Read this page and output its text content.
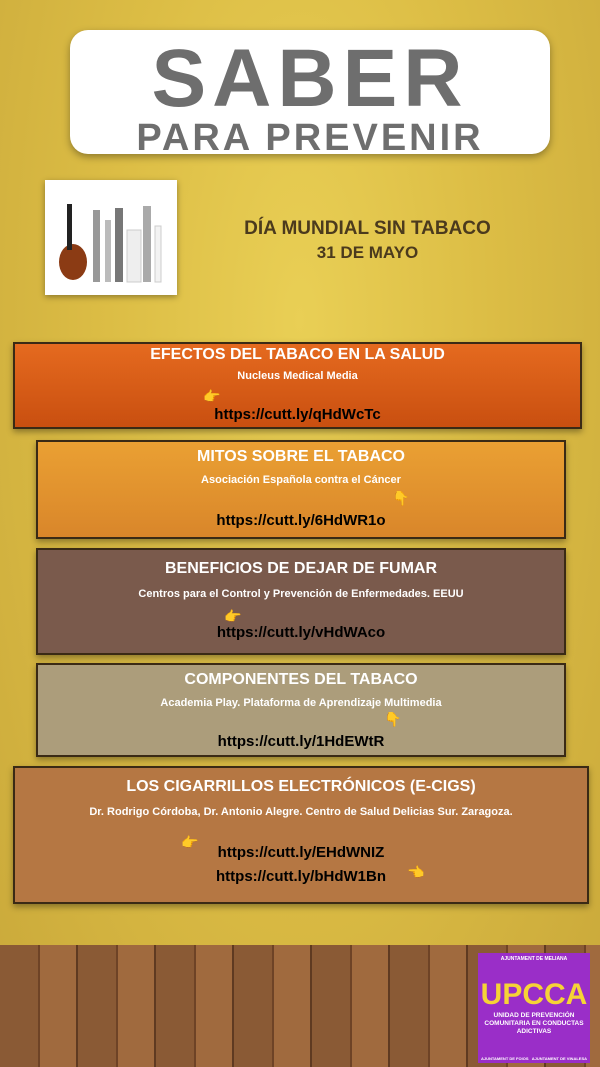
SABER
PARA PREVENIR
DÍA MUNDIAL SIN TABACO
31 DE MAYO
EFECTOS DEL TABACO EN LA SALUD
Nucleus Medical Media
👉
https://cutt.ly/qHdWcTc
MITOS SOBRE EL TABACO
Asociación Española contra el Cáncer
👇
https://cutt.ly/6HdWR1o
BENEFICIOS DE DEJAR DE FUMAR
Centros para el Control y Prevención de Enfermedades. EEUU
👉
https://cutt.ly/vHdWAco
COMPONENTES DEL TABACO
Academia Play. Plataforma de Aprendizaje Multimedia
👇
https://cutt.ly/1HdEWtR
LOS CIGARRILLOS ELECTRÓNICOS (E-CIGS)
Dr. Rodrigo Córdoba, Dr. Antonio Alegre. Centro de Salud Delicias Sur. Zaragoza.
👉
https://cutt.ly/EHdWNIZ
https://cutt.ly/bHdW1Bn	👈
AJUNTAMENT DE MELIANA
UPCCA
UNIDAD DE PREVENCIÓN COMUNITARIA EN CONDUCTAS ADICTIVAS
AJUNTAMENT DE FOIOS AJUNTAMENT DE VINALESA
